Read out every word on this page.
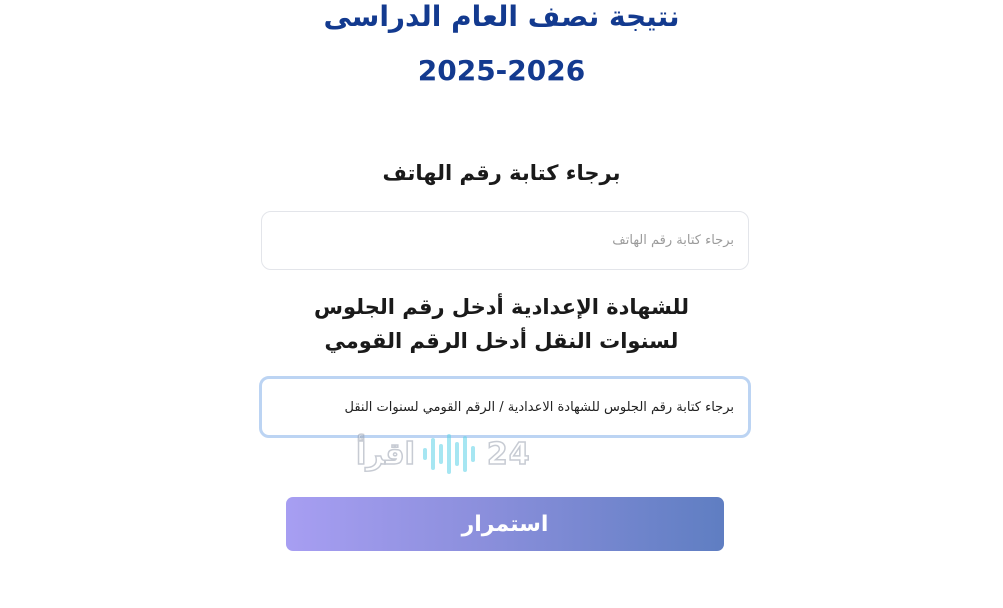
نتيجة نصف العام الدراسى
2025-2026
برجاء كتابة رقم الهاتف
برجاء كتابة رقم الهاتف
للشهادة الإعدادية أدخل رقم الجلوس
لسنوات النقل أدخل الرقم القومي
برجاء كتابة رقم الجلوس للشهادة الاعدادية / الرقم القومي لسنوات النقل
اقرأ 24
استمرار
